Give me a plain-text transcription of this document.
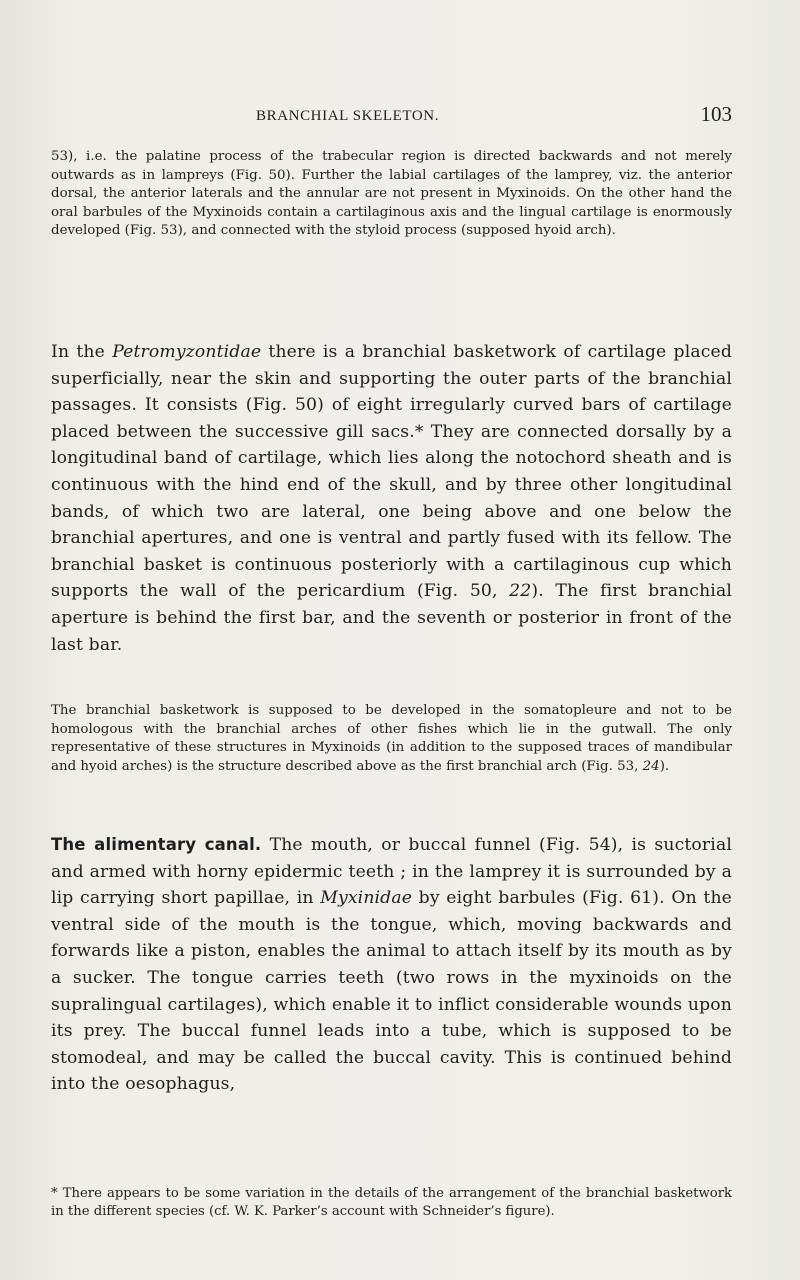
BRANCHIAL SKELETON.	103

53), i.e. the palatine process of the trabecular region is directed backwards and not merely outwards as in lampreys (Fig. 50). Further the labial cartilages of the lamprey, viz. the anterior dorsal, the anterior laterals and the annular are not present in Myxinoids. On the other hand the oral barbules of the Myxinoids contain a cartilaginous axis and the lingual cartilage is enormously developed (Fig. 53), and connected with the styloid process (supposed hyoid arch).

In the Petromyzontidae there is a branchial basketwork of cartilage placed superficially, near the skin and supporting the outer parts of the branchial passages. It consists (Fig. 50) of eight irregularly curved bars of cartilage placed between the successive gill sacs.* They are connected dorsally by a longitudinal band of cartilage, which lies along the notochord sheath and is continuous with the hind end of the skull, and by three other longitudinal bands, of which two are lateral, one being above and one below the branchial apertures, and one is ventral and partly fused with its fellow. The branchial basket is continuous posteriorly with a cartilaginous cup which supports the wall of the pericardium (Fig. 50, 22). The first branchial aperture is behind the first bar, and the seventh or posterior in front of the last bar.

The branchial basketwork is supposed to be developed in the somatopleure and not to be homologous with the branchial arches of other fishes which lie in the gutwall. The only representative of these structures in Myxinoids (in addition to the supposed traces of mandibular and hyoid arches) is the structure described above as the first branchial arch (Fig. 53, 24).

The alimentary canal. The mouth, or buccal funnel (Fig. 54), is suctorial and armed with horny epidermic teeth ; in the lamprey it is surrounded by a lip carrying short papillae, in Myxinidae by eight barbules (Fig. 61). On the ventral side of the mouth is the tongue, which, moving backwards and forwards like a piston, enables the animal to attach itself by its mouth as by a sucker. The tongue carries teeth (two rows in the myxinoids on the supralingual cartilages), which enable it to inflict considerable wounds upon its prey. The buccal funnel leads into a tube, which is supposed to be stomodeal, and may be called the buccal cavity. This is continued behind into the oesophagus,

* There appears to be some variation in the details of the arrangement of the branchial basketwork in the different species (cf. W. K. Parker’s account with Schneider’s figure).
